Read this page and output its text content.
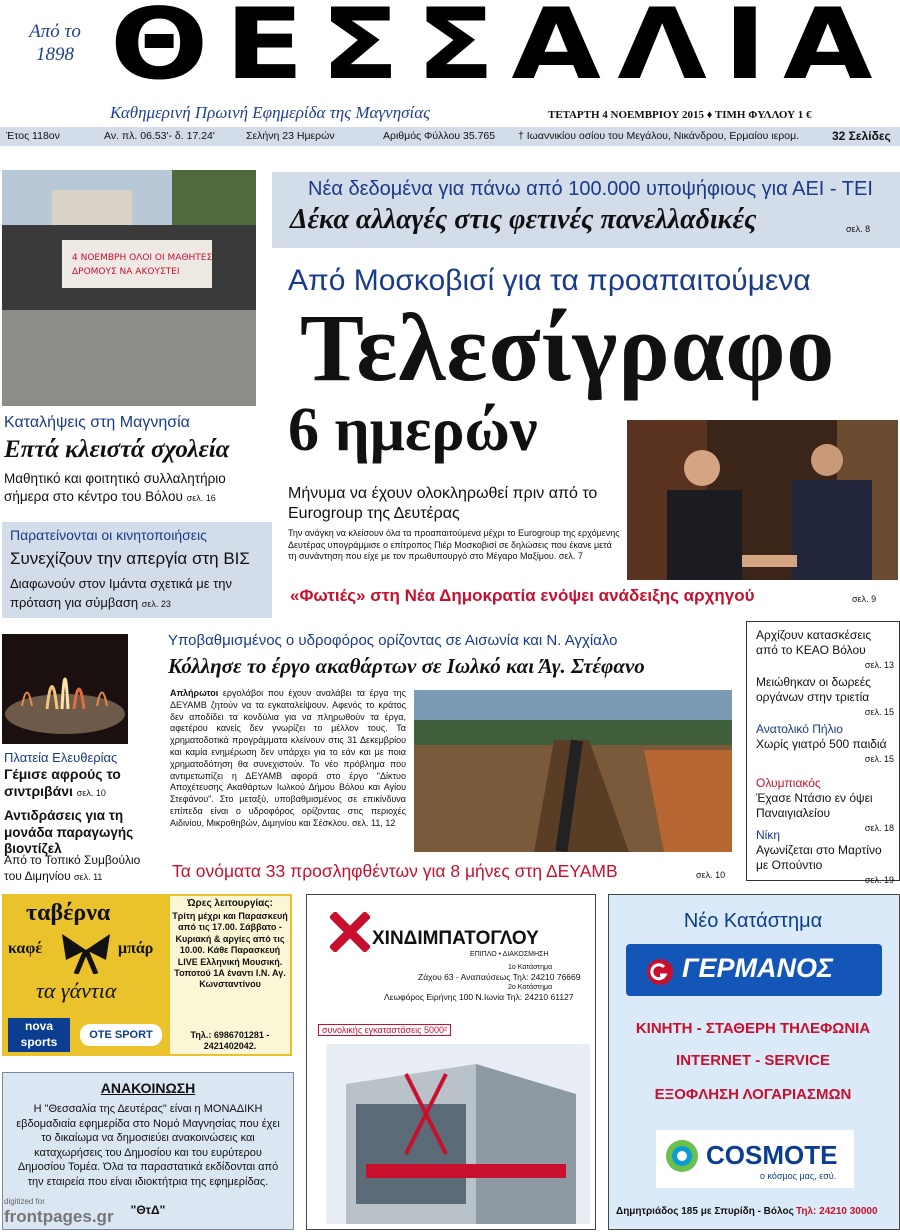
Από το 1898 ΘΕΣΣΑΛΙΑ
Καθημερινή Πρωινή Εφημερίδα της Μαγνησίας	ΤΕΤΑΡΤΗ 4 ΝΟΕΜΒΡΙΟΥ 2015 ♦ ΤΙΜΗ ΦΥΛΛΟΥ 1 €
Έτος 118ον	Αν. πλ. 06.53'- δ. 17.24'	Σελήνη 23 Ημερών	Αριθμός Φύλλου 35.765 † Ιωαννικίου οσίου του Μεγάλου, Νικάνδρου, Ερμαίου ιερομ.	32 Σελίδες
4 ΝΟΕΜΒΡΗ ΟΛΟΙ ΟΙ ΜΑΘΗΤΕΣ
ΔΡΟΜΟΥΣ ΝΑ ΑΚΟΥΣΤΕΙ
Νέα δεδομένα για πάνω από 100.000 υποψήφιους για ΑΕΙ - ΤΕΙ
Δέκα αλλαγές στις φετινές πανελλαδικές	σελ. 8
Από Μοσκοβισί για τα προαπαιτούμενα
Τελεσίγραφο
6 ημερών
Μήνυμα να έχουν ολοκληρωθεί πριν από το Eurogroup της Δευτέρας
Την ανάγκη να κλείσουν όλα τα προαπαιτούμενα μέχρι το Eurogroup της ερχόμενης Δευτέρας υπογράμμισε ο επίτροπος Πιέρ Μοσκοβισί σε δηλώσεις που έκανε μετά τη συνάντηση που είχε με τον πρωθυπουργό στο Μέγαρο Μαξίμου. σελ. 7
«Φωτιές» στη Νέα Δημοκρατία ενόψει ανάδειξης αρχηγού	σελ. 9
Καταλήψεις στη Μαγνησία
Επτά κλειστά σχολεία
Μαθητικό και φοιτητικό συλλαλητήριο σήμερα στο κέντρο του Βόλου σελ. 16
Παρατείνονται οι κινητοποιήσεις
Συνεχίζουν την απεργία στη ΒΙΣ
Διαφωνούν στον Ιμάντα σχετικά με την πρόταση για σύμβαση σελ. 23
Πλατεία Ελευθερίας
Γέμισε αφρούς το σιντριβάνι σελ. 10
Αντιδράσεις για τη μονάδα παραγωγής βιοντίζελ
Από το Τοπικό Συμβούλιο του Διμηνίου σελ. 11
Υποβαθμισμένος ο υδροφόρος ορίζοντας σε Αισωνία και Ν. Αγχίαλο
Κόλλησε το έργο ακαθάρτων σε Ιωλκό και Άγ. Στέφανο
Απλήρωτοι εργολάβοι που έχουν αναλάβει τα έργα της ΔΕΥΑΜΒ ζητούν να τα εγκαταλείψουν. Αφενός το κράτος δεν αποδίδει τα κονδύλια για να πληρωθούν τα έργα, αφετέρου κανείς δεν γνωρίζει το μέλλον τους. Τα χρηματοδοτικά προγράμματα κλείνουν στις 31 Δεκεμβρίου και καμία ενημέρωση δεν υπάρχει για το εάν και με ποια χρηματοδότηση θα συνεχιστούν. Το νέο πρόβλημα που αντιμετωπίζει η ΔΕΥΑΜΒ αφορά στο έργο "Δίκτυο Αποχέτευσης Ακαθάρτων Ιωλκού Δήμου Βόλου και Αγίου Στεφάνου". Στο μεταξύ, υποβαθμισμένος σε επικίνδυνα επίπεδα είναι ο υδροφόρος ορίζοντας στις περιοχές Αιδινίου, Μικροθηβών, Διμηνίου και Σέσκλου. σελ. 11, 12
Τα ονόματα 33 προσληφθέντων για 8 μήνες στη ΔΕΥΑΜΒ	σελ. 10
Αρχίζουν κατασκέσεις από το ΚΕΑΟ Βόλου
σελ. 13
Μειώθηκαν οι δωρεές οργάνων στην τριετία
σελ. 15
Ανατολικό Πήλιο
Χωρίς γιατρό 500 παιδιά
σελ. 15
Ολυμπιακός
Έχασε Ντάσιο εν όψει Παναιγιαλείου
σελ. 18
Νίκη
Αγωνίζεται στο Μαρτίνο με Οπούντιο
σελ. 19
ταβέρνα
καφέ	μπάρ
τα γάντια
nova sports	OTE SPORT
Ώρες λειτουργίας:
Τρίτη μέχρι και Παρασκευή από τις 17.00. Σάββατο - Κυριακή & αργίες από τις 10.00. Κάθε Παρασκευή LIVE Ελληνική Μουσική. Τοποτού 1Α έναντι Ι.Ν. Αγ. Κωνσταντίνου
Τηλ.: 6986701281 - 2421402042.
ΧΙΝΔΙΜΠΑΤΟΓΛΟΥ
ΕΠΙΠΛΟ • ΔΙΑΚΟΣΜΗΣΗ
1ο Κατάστημα
Ζάχου 63 - Αναπαύσεως Τηλ: 24210 76669
2ο Κατάστημα
Λεωφόρος Ειρήνης 100 Ν.Ιωνία Τηλ: 24210 61127
συνολικής εγκαταστάσεις 5000²
Νέο Κατάστημα
ΓΕΡΜΑΝΟΣ
ΚΙΝΗΤΗ - ΣΤΑΘΕΡΗ ΤΗΛΕΦΩΝΙΑ
INTERNET - SERVICE
ΕΞΟΦΛΗΣΗ ΛΟΓΑΡΙΑΣΜΩΝ
COSMOTE
ο κόσμος μας, εσύ.
Δημητριάδος 185 με Σπυρίδη - Βόλος Τηλ: 24210 30000
ΑΝΑΚΟΙΝΩΣΗ
Η "Θεσσαλία της Δευτέρας" είναι η ΜΟΝΑΔΙΚΗ εβδομαδιαία εφημερίδα στο Νομό Μαγνησίας που έχει το δικαίωμα να δημοσιεύει ανακοινώσεις και καταχωρήσεις του Δημοσίου και του ευρύτερου Δημοσίου Τομέα. Όλα τα παραστατικά εκδίδονται από την εταιρεία που είναι ιδιοκτήτρια της εφημερίδας.
"ΘτΔ"
digitized for
frontpages.gr
